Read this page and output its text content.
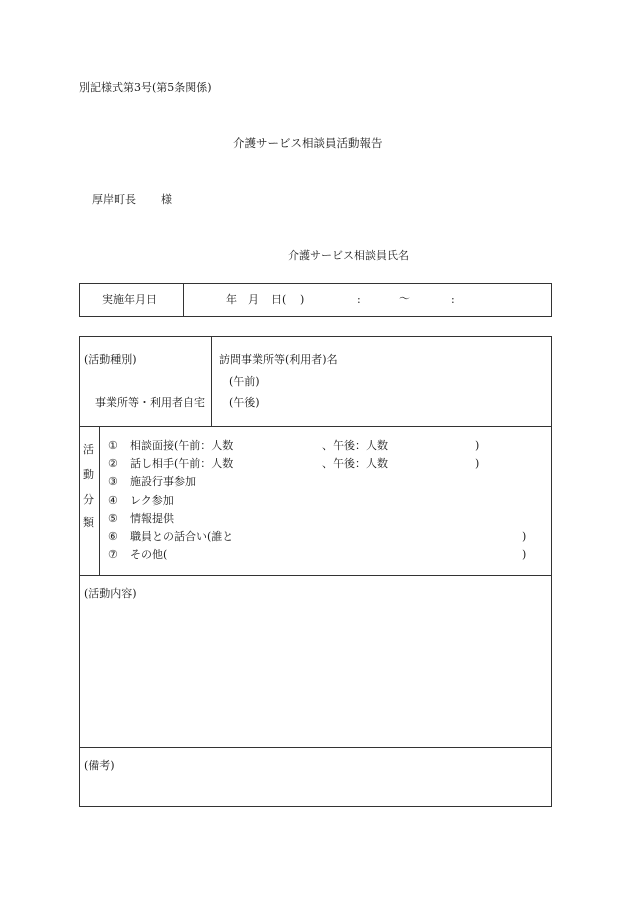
別記様式第3号(第5条関係)
介護サービス相談員活動報告
厚岸町長 様
介護サービス相談員氏名
実施年月日	年 月 日( )	:	〜	:
(活動種別)
事業所等・利用者自宅
訪問事業所等(利用者)名
(午前)
(午後)
活
動
分
類
① 相談面接(午前：人数	、午後：人数	)
② 話し相手(午前：人数	、午後：人数	)
③ 施設行事参加
④ レク参加
⑤ 情報提供
⑥ 職員との話合い(誰と	)
⑦ その他(	)
(活動内容)
(備考)
